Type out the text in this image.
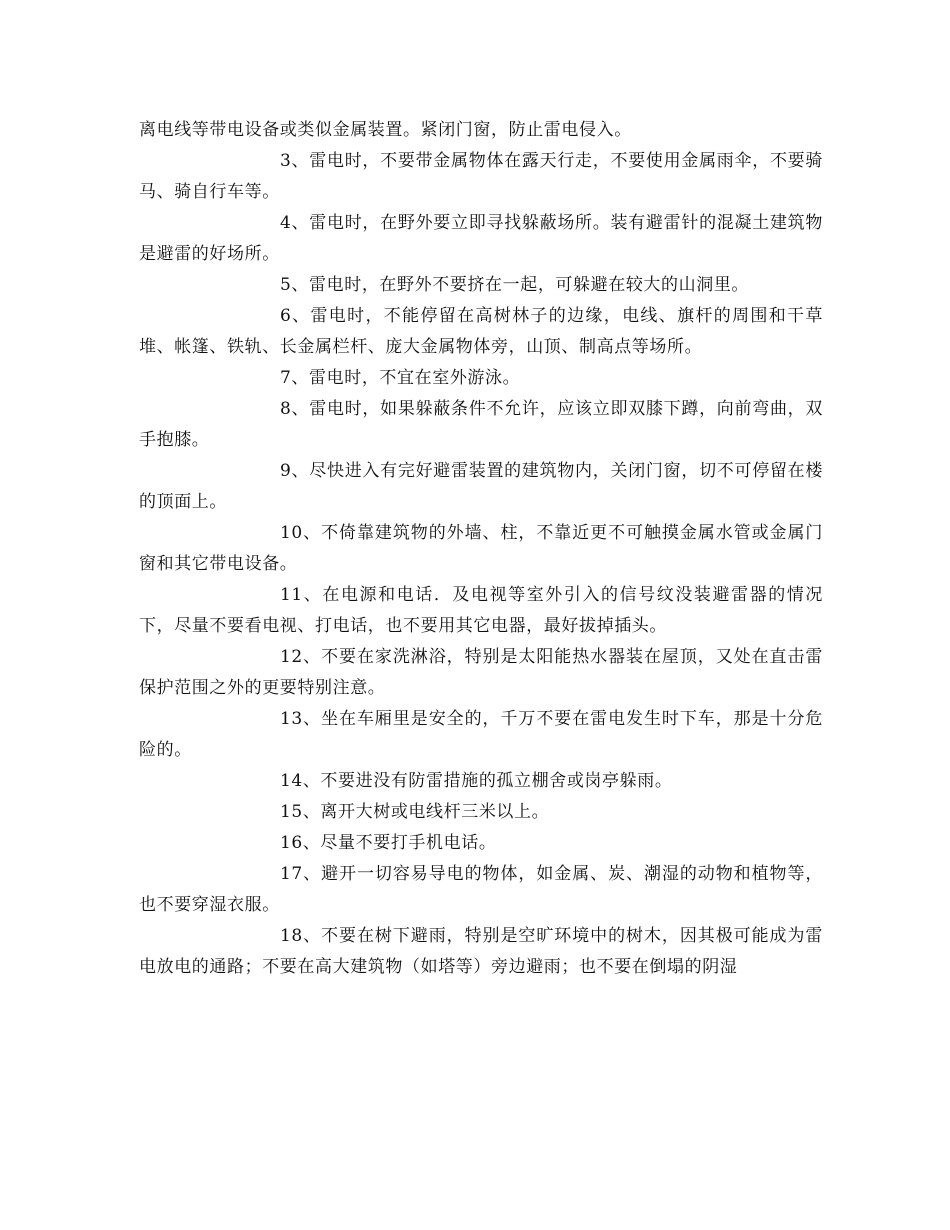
离电线等带电设备或类似金属装置。紧闭门窗，防止雷电侵入。

3、雷电时，不要带金属物体在露天行走，不要使用金属雨伞，不要骑马、骑自行车等。

4、雷电时，在野外要立即寻找躲蔽场所。装有避雷针的混凝土建筑物是避雷的好场所。

5、雷电时，在野外不要挤在一起，可躲避在较大的山洞里。

6、雷电时，不能停留在高树林子的边缘，电线、旗杆的周围和干草堆、帐篷、铁轨、长金属栏杆、庞大金属物体旁，山顶、制高点等场所。

7、雷电时，不宜在室外游泳。

8、雷电时，如果躲蔽条件不允许，应该立即双膝下蹲，向前弯曲，双手抱膝。

9、尽快进入有完好避雷装置的建筑物内，关闭门窗，切不可停留在楼的顶面上。

10、不倚靠建筑物的外墙、柱，不靠近更不可触摸金属水管或金属门窗和其它带电设备。

11、在电源和电话．及电视等室外引入的信号纹没装避雷器的情况下，尽量不要看电视、打电话，也不要用其它电器，最好拔掉插头。

12、不要在家洗淋浴，特别是太阳能热水器装在屋顶，又处在直击雷保护范围之外的更要特别注意。

13、坐在车厢里是安全的，千万不要在雷电发生时下车，那是十分危险的。

14、不要进没有防雷措施的孤立棚舍或岗亭躲雨。

15、离开大树或电线杆三米以上。

16、尽量不要打手机电话。

17、避开一切容易导电的物体，如金属、炭、潮湿的动物和植物等，也不要穿湿衣服。

18、不要在树下避雨，特别是空旷环境中的树木，因其极可能成为雷电放电的通路；不要在高大建筑物（如塔等）旁边避雨；也不要在倒塌的阴湿
